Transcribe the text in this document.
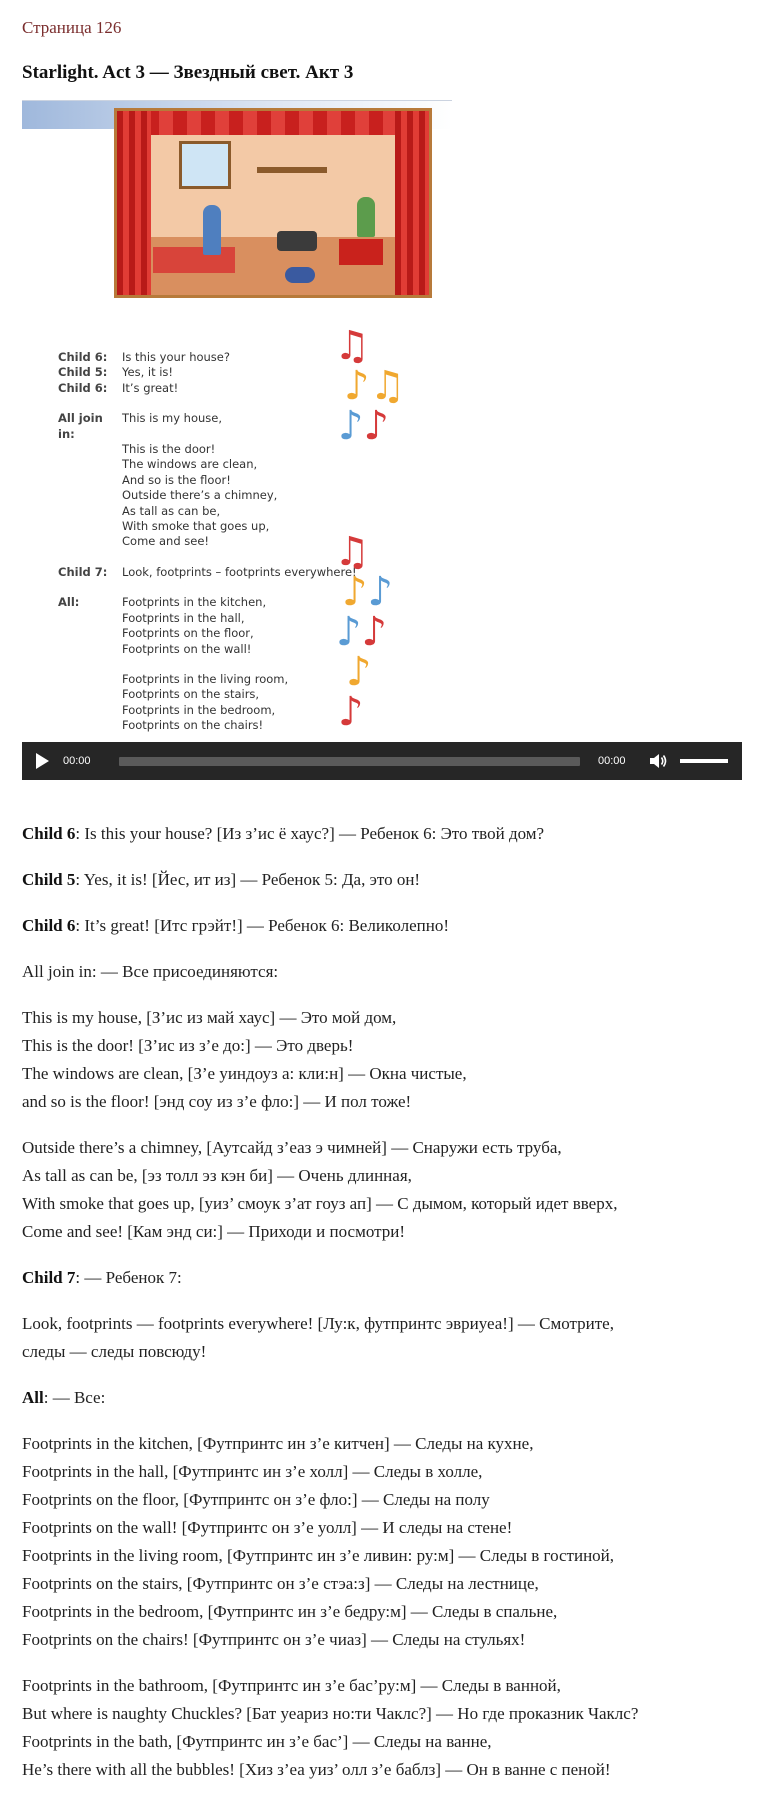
Страница 126
Starlight. Act 3 — Звездный свет. Акт 3
Child 6:	Is this your house?
Child 5:	Yes, it is!
Child 6:	It’s great!
All join in:
This is my house,
This is the door!
The windows are clean,
And so is the floor!
Outside there’s a chimney,
As tall as can be,
With smoke that goes up,
Come and see!
Child 7:	Look, footprints – footprints everywhere!
All:	Footprints in the kitchen,
Footprints in the hall,
Footprints on the floor,
Footprints on the wall!
Footprints in the living room,
Footprints on the stairs,
Footprints in the bedroom,
Footprints on the chairs!
♫
♪♫
♪♪
♫
♪♪
♪♪
♪
♪
00:00	00:00

Child 6: Is this your house? [Из з’ис ё хаус?] — Ребенок 6: Это твой дом?

Child 5: Yes, it is! [Йес, ит из] — Ребенок 5: Да, это он!

Child 6: It’s great! [Итс грэйт!] — Ребенок 6: Великолепно!

All join in: — Все присоединяются:

This is my house, [З’ис из май хаус] — Это мой дом,
This is the door! [З’ис из з’е до:] — Это дверь!
The windows are clean, [З’е уиндоуз а: кли:н] — Окна чистые,
and so is the floor! [энд соу из з’е фло:] — И пол тоже!

Outside there’s a chimney, [Аутсайд з’еаз э чимней] — Снаружи есть труба,
As tall as can be, [эз толл эз кэн би] — Очень длинная,
With smoke that goes up, [уиз’ смоук з’ат гоуз ап] — С дымом, который идет вверх,
Come and see! [Кам энд си:] — Приходи и посмотри!

Child 7: — Ребенок 7:

Look, footprints — footprints everywhere! [Лу:к, футпринтс эвриуеа!] — Смотрите,
следы — следы повсюду!

All: — Все:

Footprints in the kitchen, [Футпринтс ин з’е китчен] — Следы на кухне,
Footprints in the hall, [Футпринтс ин з’е холл] — Следы в холле,
Footprints on the floor, [Футпринтс он з’е фло:] — Следы на полу
Footprints on the wall! [Футпринтс он з’е уолл] — И следы на стене!
Footprints in the living room, [Футпринтс ин з’е ливин: ру:м] — Следы в гостиной,
Footprints on the stairs, [Футпринтс он з’е стэа:з] — Следы на лестнице,
Footprints in the bedroom, [Футпринтс ин з’е бедру:м] — Следы в спальне,
Footprints on the chairs! [Футпринтс он з’е чиаз] — Следы на стульях!

Footprints in the bathroom, [Футпринтс ин з’е бас’ру:м] — Следы в ванной,
But where is naughty Chuckles? [Бат уеариз но:ти Чаклс?] — Но где проказник Чаклс?
Footprints in the bath, [Футпринтс ин з’е бас’] — Следы на ванне,
He’s there with all the bubbles! [Хиз з’еа уиз’ олл з’е баблз] — Он в ванне с пеной!
